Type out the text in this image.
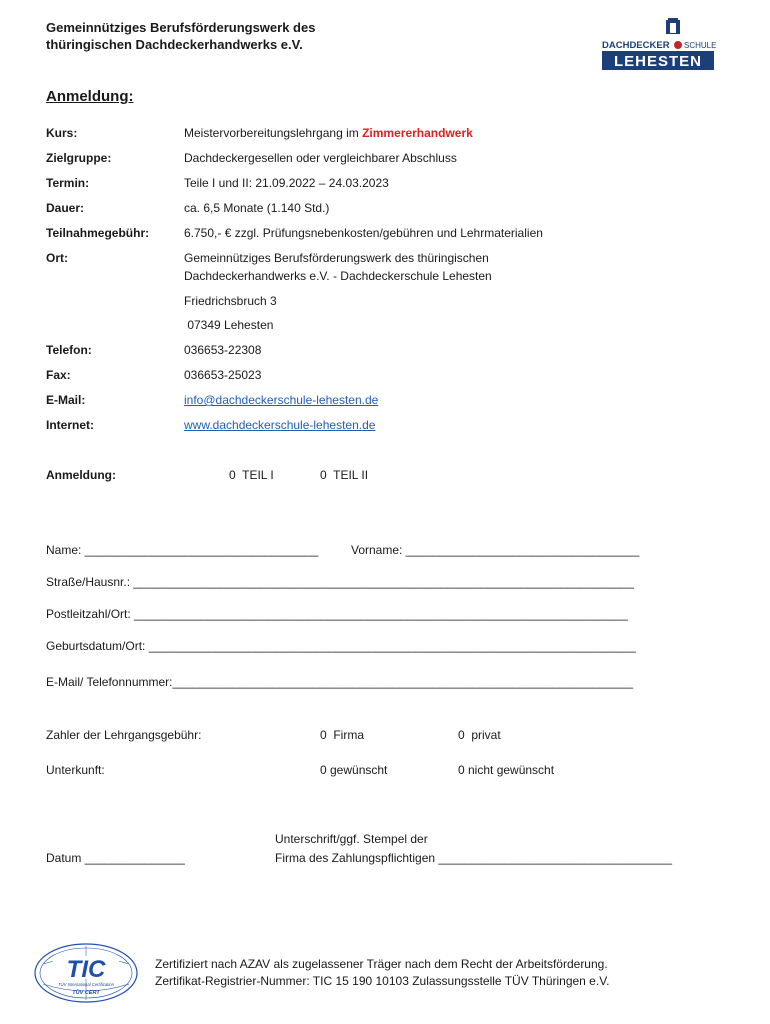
Gemeinnütziges Berufsförderungswerk des
thüringischen Dachdeckerhandwerks e.V.	DACHDECKER SCHULE
LEHESTEN
Anmeldung:
Kurs:	Meistervorbereitungslehrgang im Zimmererhandwerk
Zielgruppe:	Dachdeckergesellen oder vergleichbarer Abschluss
Termin:	Teile I und II: 21.09.2022 – 24.03.2023
Dauer:	ca. 6,5 Monate (1.140 Std.)
Teilnahmegebühr:	6.750,- € zzgl. Prüfungsnebenkosten/gebühren und Lehrmaterialien
Ort:	Gemeinnütziges Berufsförderungswerk des thüringischen
Dachdeckerhandwerks e.V. - Dachdeckerschule Lehesten
Friedrichsbruch 3
07349 Lehesten
Telefon:	036653-22308
Fax:	036653-25023
E-Mail:	info@dachdeckerschule-lehesten.de
Internet:	www.dachdeckerschule-lehesten.de
Anmeldung:	0  TEIL I	0  TEIL II
Name: ___________________________________	Vorname: ___________________________________
Straße/Hausnr.: ___________________________________________________________________________
Postleitzahl/Ort: __________________________________________________________________________
Geburtsdatum/Ort: _________________________________________________________________________
E-Mail/ Telefonnummer:_____________________________________________________________________
Zahler der Lehrgangsgebühr:	0  Firma	0  privat
Unterkunft:	0 gewünscht	0 nicht gewünscht
Unterschrift/ggf. Stempel der
Datum _______________	Firma des Zahlungspflichtigen ___________________________________
TIC
TÜV International Certification
TÜV CERT
Zertifiziert nach AZAV als zugelassener Träger nach dem Recht der Arbeitsförderung.
Zertifikat-Registrier-Nummer: TIC 15 190 10103 Zulassungsstelle TÜV Thüringen e.V.
